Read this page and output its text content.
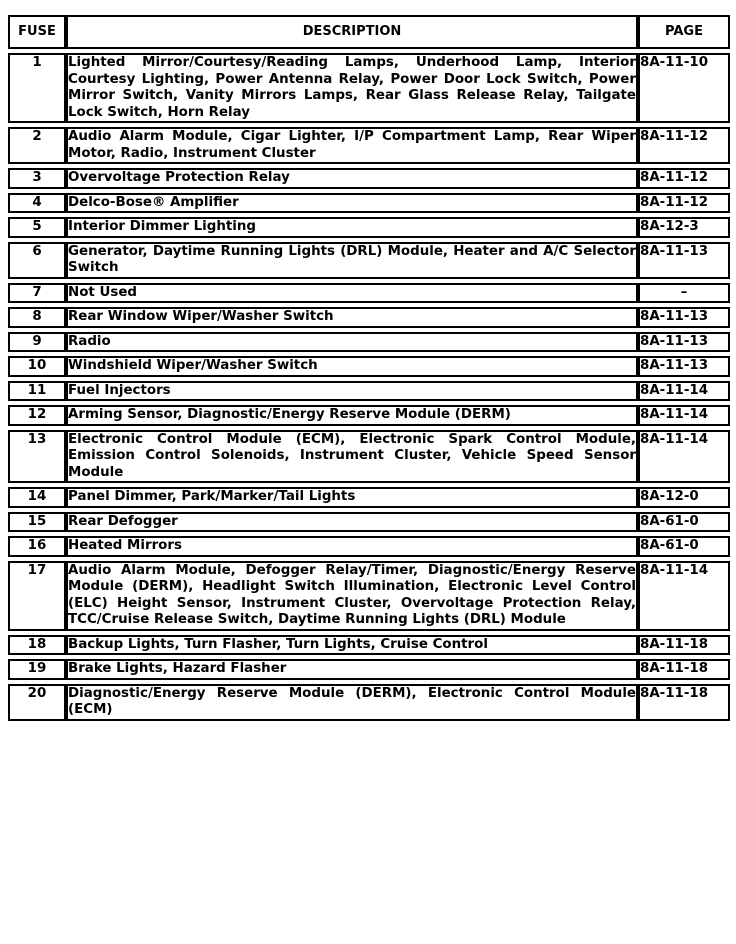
FUSE	DESCRIPTION	PAGE
1	Lighted Mirror/Courtesy/Reading Lamps, Underhood Lamp, Interior Courtesy Lighting, Power Antenna Relay, Power Door Lock Switch, Power Mirror Switch, Vanity Mirrors Lamps, Rear Glass Release Relay, Tailgate Lock Switch, Horn Relay	8A-11-10
2	Audio Alarm Module, Cigar Lighter, I/P Compartment Lamp, Rear Wiper Motor, Radio, Instrument Cluster	8A-11-12
3	Overvoltage Protection Relay	8A-11-12
4	Delco-Bose® Amplifier	8A-11-12
5	Interior Dimmer Lighting	8A-12-3
6	Generator, Daytime Running Lights (DRL) Module, Heater and A/C Selector Switch	8A-11-13
7	Not Used	–
8	Rear Window Wiper/Washer Switch	8A-11-13
9	Radio	8A-11-13
10	Windshield Wiper/Washer Switch	8A-11-13
11	Fuel Injectors	8A-11-14
12	Arming Sensor, Diagnostic/Energy Reserve Module (DERM)	8A-11-14
13	Electronic Control Module (ECM), Electronic Spark Control Module, Emission Control Solenoids, Instrument Cluster, Vehicle Speed Sensor Module	8A-11-14
14	Panel Dimmer, Park/Marker/Tail Lights	8A-12-0
15	Rear Defogger	8A-61-0
16	Heated Mirrors	8A-61-0
17	Audio Alarm Module, Defogger Relay/Timer, Diagnostic/Energy Reserve Module (DERM), Headlight Switch Illumination, Electronic Level Control (ELC) Height Sensor, Instrument Cluster, Overvoltage Protection Relay, TCC/Cruise Release Switch, Daytime Running Lights (DRL) Module	8A-11-14
18	Backup Lights, Turn Flasher, Turn Lights, Cruise Control	8A-11-18
19	Brake Lights, Hazard Flasher	8A-11-18
20	Diagnostic/Energy Reserve Module (DERM), Electronic Control Module (ECM)	8A-11-18
